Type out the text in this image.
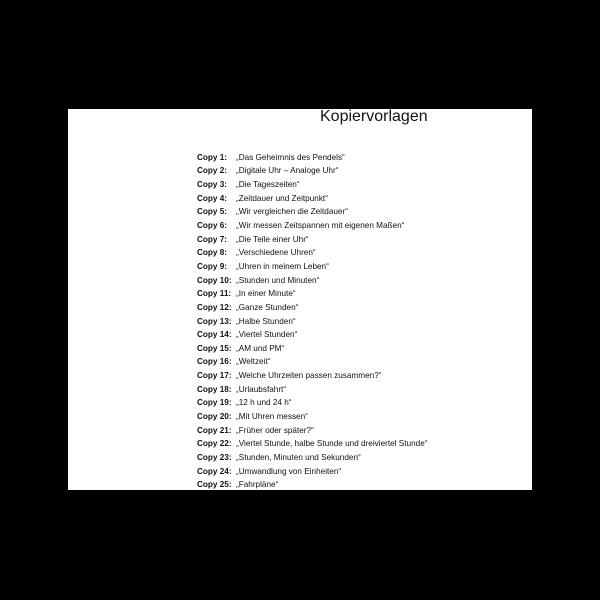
Kopiervorlagen
Copy 1:	„Das Geheimnis des Pendels“
Copy 2:	„Digitale Uhr – Analoge Uhr“
Copy 3:	„Die Tageszeiten“
Copy 4:	„Zeitdauer und Zeitpunkt“
Copy 5:	„Wir vergleichen die Zeitdauer“
Copy 6:	„Wir messen Zeitspannen mit eigenen Maßen“
Copy 7:	„Die Teile einer Uhr“
Copy 8:	„Verschiedene Uhren“
Copy 9:	„Uhren in meinem Leben“
Copy 10: „Stunden und Minuten“
Copy 11: „In einer Minute“
Copy 12: „Ganze Stunden“
Copy 13: „Halbe Stunden“
Copy 14: „Viertel Stunden“
Copy 15: „AM und PM“
Copy 16: „Weltzeit“
Copy 17: „Welche Uhrzeiten passen zusammen?“
Copy 18: „Urlaubsfahrt“
Copy 19: „12 h und 24 h“
Copy 20: „Mit Uhren messen“
Copy 21: „Früher oder später?“
Copy 22: „Viertel Stunde, halbe Stunde und dreiviertel Stunde“
Copy 23: „Stunden, Minuten und Sekunden“
Copy 24: „Umwandlung von Einheiten“
Copy 25: „Fahrpläne“
